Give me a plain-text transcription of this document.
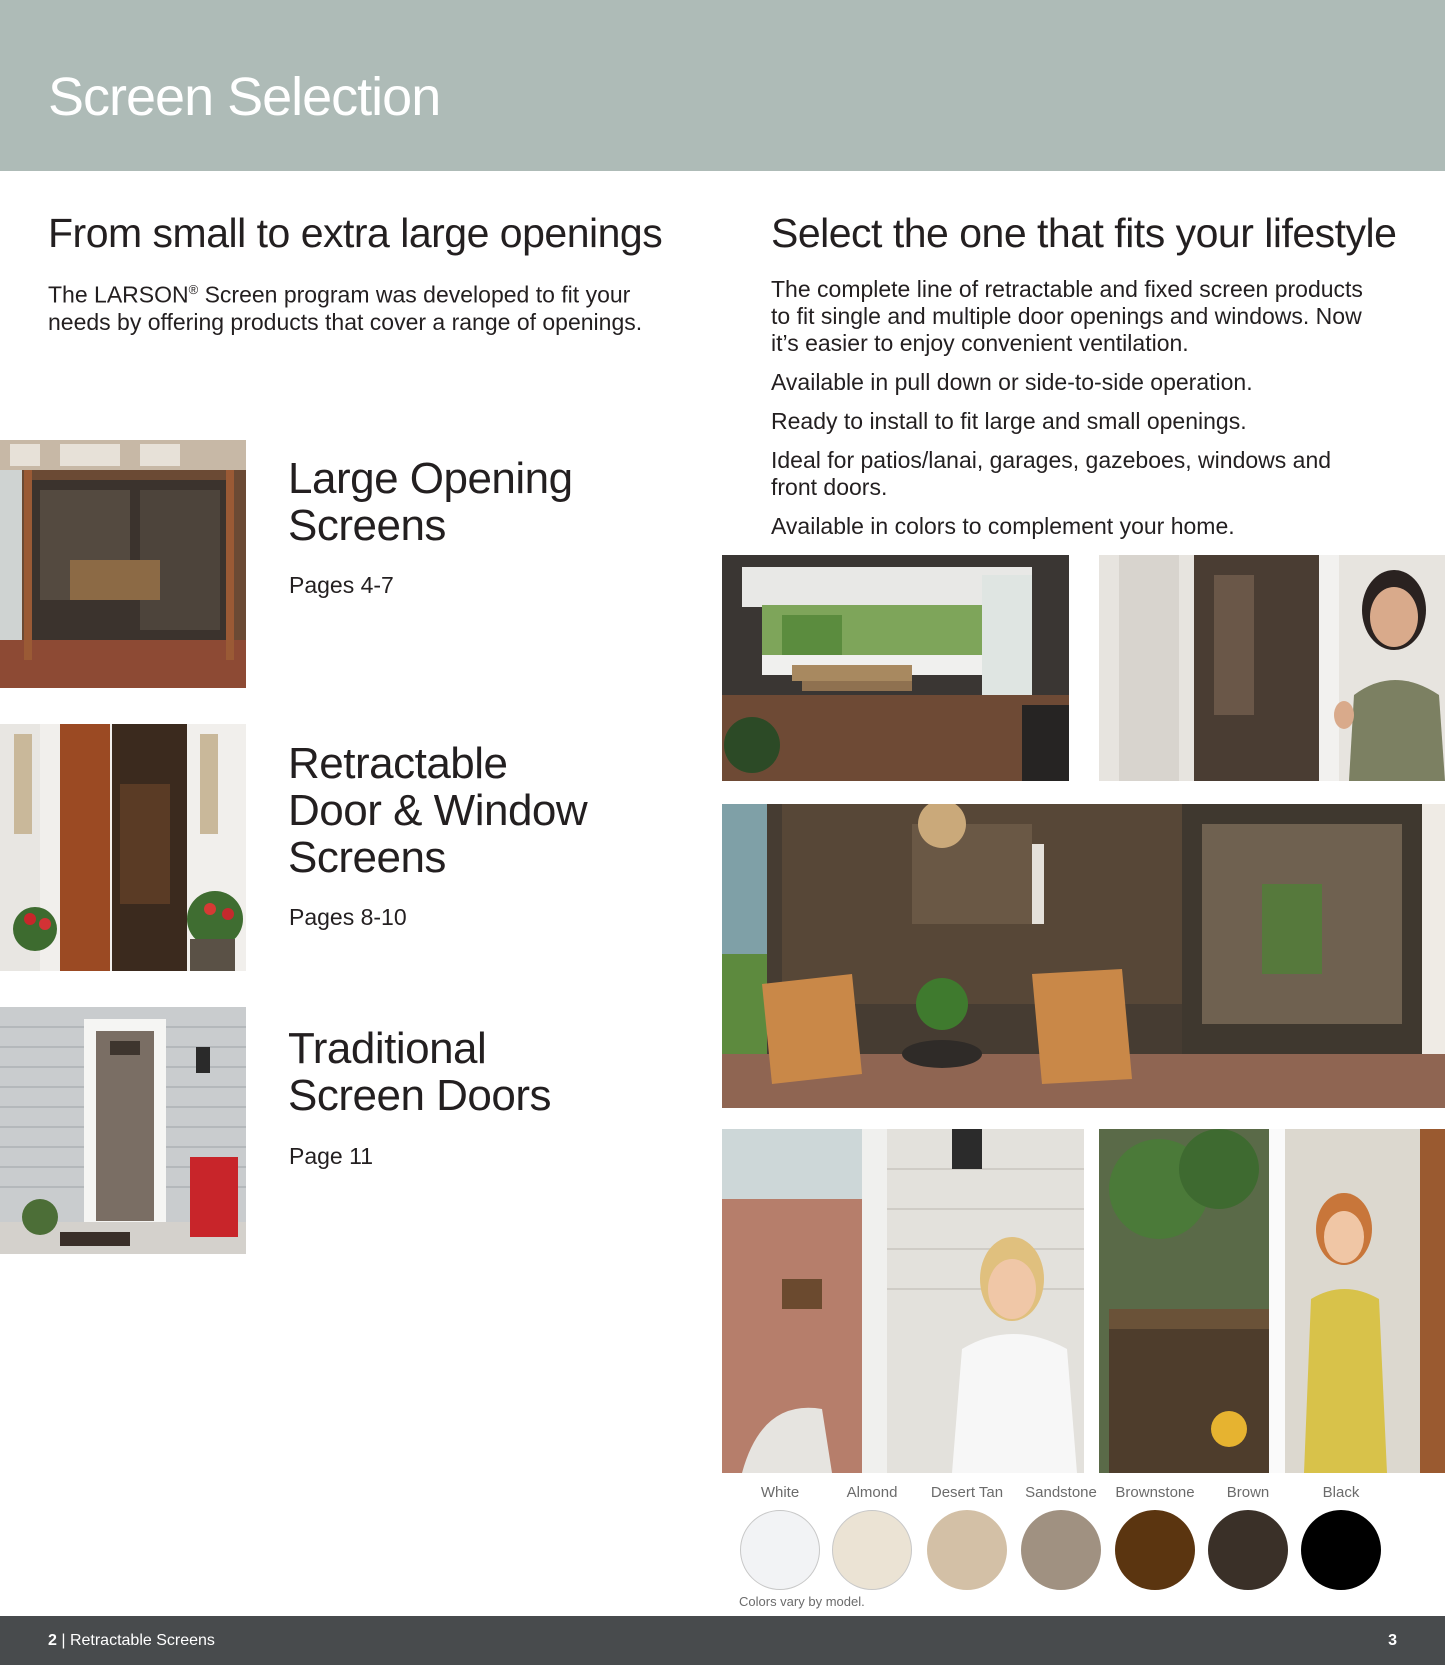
Screen Selection
From small to extra large openings
The LARSON® Screen program was developed to fit your
needs by offering products that cover a range of openings.
Large Opening
Screens
Pages 4-7
Retractable
Door & Window
Screens
Pages 8-10
Traditional
Screen Doors
Page 11
Select the one that fits your lifestyle

The complete line of retractable and fixed screen products
to fit single and multiple door openings and windows. Now
it’s easier to enjoy convenient ventilation.

Available in pull down or side-to-side operation.

Ready to install to fit large and small openings.

Ideal for patios/lanai, garages, gazeboes, windows and
front doors.

Available in colors to complement your home.

White	Almond	Desert Tan	Sandstone	Brownstone	Brown	Black
Colors vary by model.
2 | Retractable Screens	3
